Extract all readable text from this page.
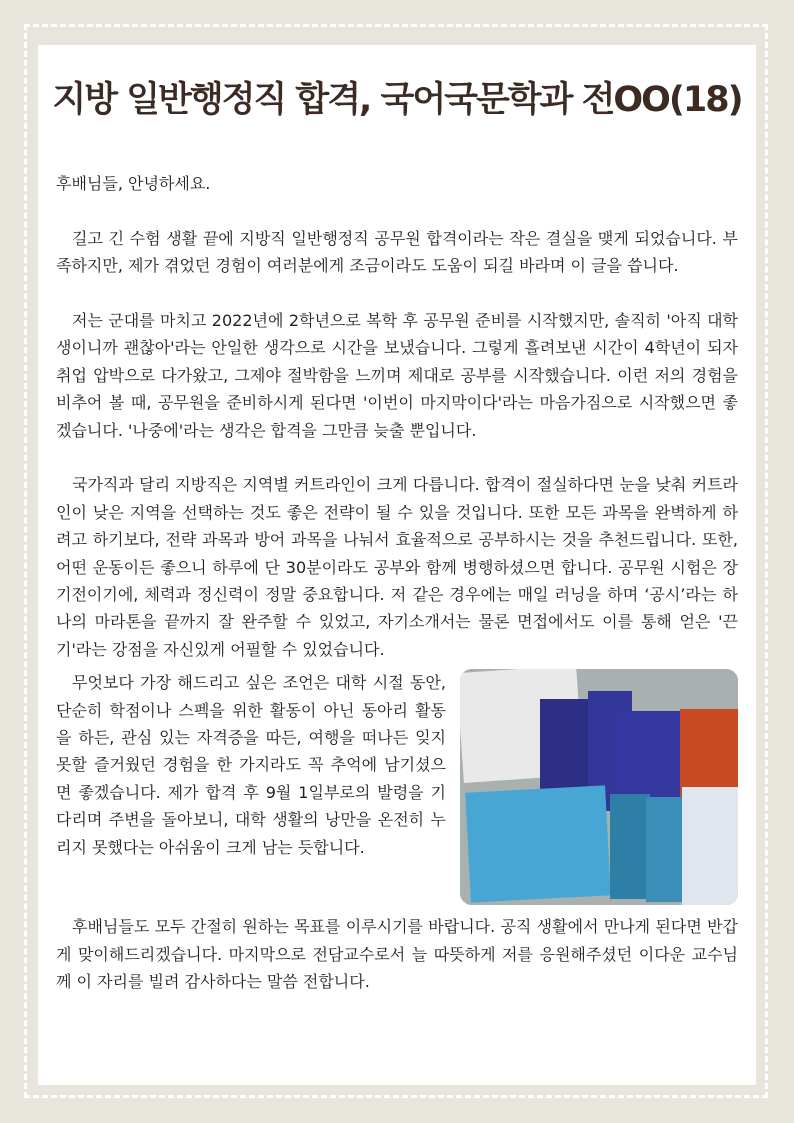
지방 일반행정직 합격, 국어국문학과 전OO(18)

후배님들, 안녕하세요.

길고 긴 수험 생활 끝에 지방직 일반행정직 공무원 합격이라는 작은 결실을 맺게 되었습니다. 부족하지만, 제가 겪었던 경험이 여러분에게 조금이라도 도움이 되길 바라며 이 글을 씁니다.

저는 군대를 마치고 2022년에 2학년으로 복학 후 공무원 준비를 시작했지만, 솔직히 '아직 대학생이니까 괜찮아'라는 안일한 생각으로 시간을 보냈습니다. 그렇게 흘려보낸 시간이 4학년이 되자 취업 압박으로 다가왔고, 그제야 절박함을 느끼며 제대로 공부를 시작했습니다. 이런 저의 경험을 비추어 볼 때, 공무원을 준비하시게 된다면 '이번이 마지막이다'라는 마음가짐으로 시작했으면 좋겠습니다. '나중에'라는 생각은 합격을 그만큼 늦출 뿐입니다.

국가직과 달리 지방직은 지역별 커트라인이 크게 다릅니다. 합격이 절실하다면 눈을 낮춰 커트라인이 낮은 지역을 선택하는 것도 좋은 전략이 될 수 있을 것입니다. 또한 모든 과목을 완벽하게 하려고 하기보다, 전략 과목과 방어 과목을 나눠서 효율적으로 공부하시는 것을 추천드립니다. 또한, 어떤 운동이든 좋으니 하루에 단 30분이라도 공부와 함께 병행하셨으면 합니다. 공무원 시험은 장기전이기에, 체력과 정신력이 정말 중요합니다. 저 같은 경우에는 매일 러닝을 하며 ‘공시’라는 하나의 마라톤을 끝까지 잘 완주할 수 있었고, 자기소개서는 물론 면접에서도 이를 통해 얻은 '끈기'라는 강점을 자신있게 어필할 수 있었습니다.

무엇보다 가장 해드리고 싶은 조언은 대학 시절 동안, 단순히 학점이나 스펙을 위한 활동이 아닌 동아리 활동을 하든, 관심 있는 자격증을 따든, 여행을 떠나든 잊지 못할 즐거웠던 경험을 한 가지라도 꼭 추억에 남기셨으면 좋겠습니다. 제가 합격 후 9월 1일부로의 발령을 기다리며 주변을 돌아보니, 대학 생활의 낭만을 온전히 누리지 못했다는 아쉬움이 크게 남는 듯합니다.

후배님들도 모두 간절히 원하는 목표를 이루시기를 바랍니다. 공직 생활에서 만나게 된다면 반갑게 맞이해드리겠습니다. 마지막으로 전담교수로서 늘 따뜻하게 저를 응원해주셨던 이다운 교수님께 이 자리를 빌려 감사하다는 말씀 전합니다.
